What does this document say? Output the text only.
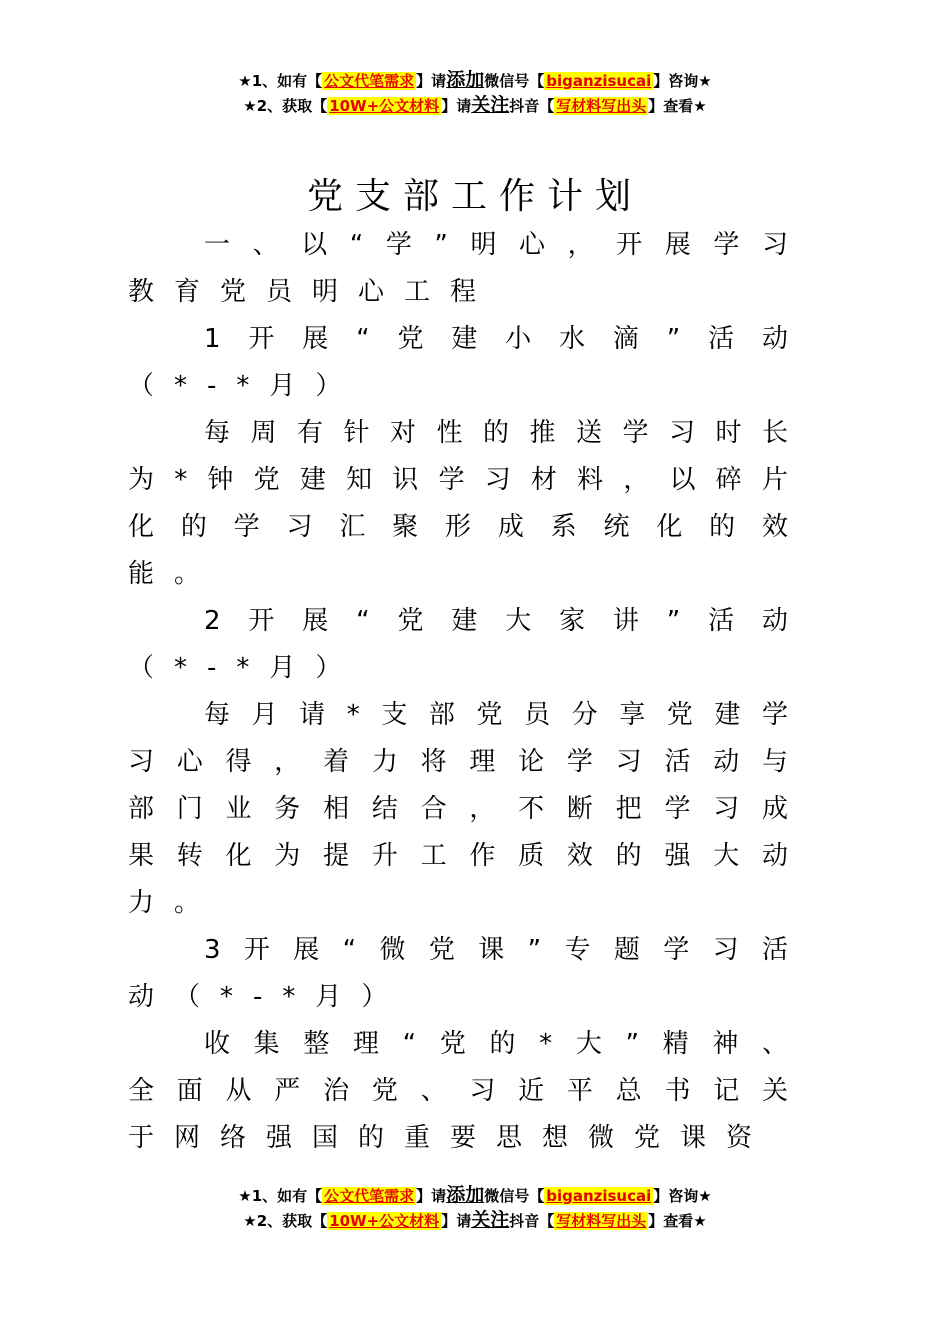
★1、如有【 公文代笔需求 】请添加微信号【 biganzisucai 】咨询★
★2、获取【 10W+公文材料 】请关注抖音【 写材料写出头 】查看★
党支部工作计划

一、以“学”明心，开展学习教育党员明心工程

1开展“党建小水滴”活动（*-*月）

每周有针对性的推送学习时长为*钟党建知识学习材料，以碎片化的学习汇聚形成系统化的效能。

2开展“党建大家讲”活动（*-*月）

每月请*支部党员分享党建学习心得，着力将理论学习活动与部门业务相结合，不断把学习成果转化为提升工作质效的强大动力。

3开展“微党课”专题学习活动（*-*月）

收集整理“党的*大”精神、全面从严治党、习近平总书记关于网络强国的重要思想微党课资

★1、如有【 公文代笔需求 】请添加微信号【 biganzisucai 】咨询★
★2、获取【 10W+公文材料 】请关注抖音【 写材料写出头 】查看★
